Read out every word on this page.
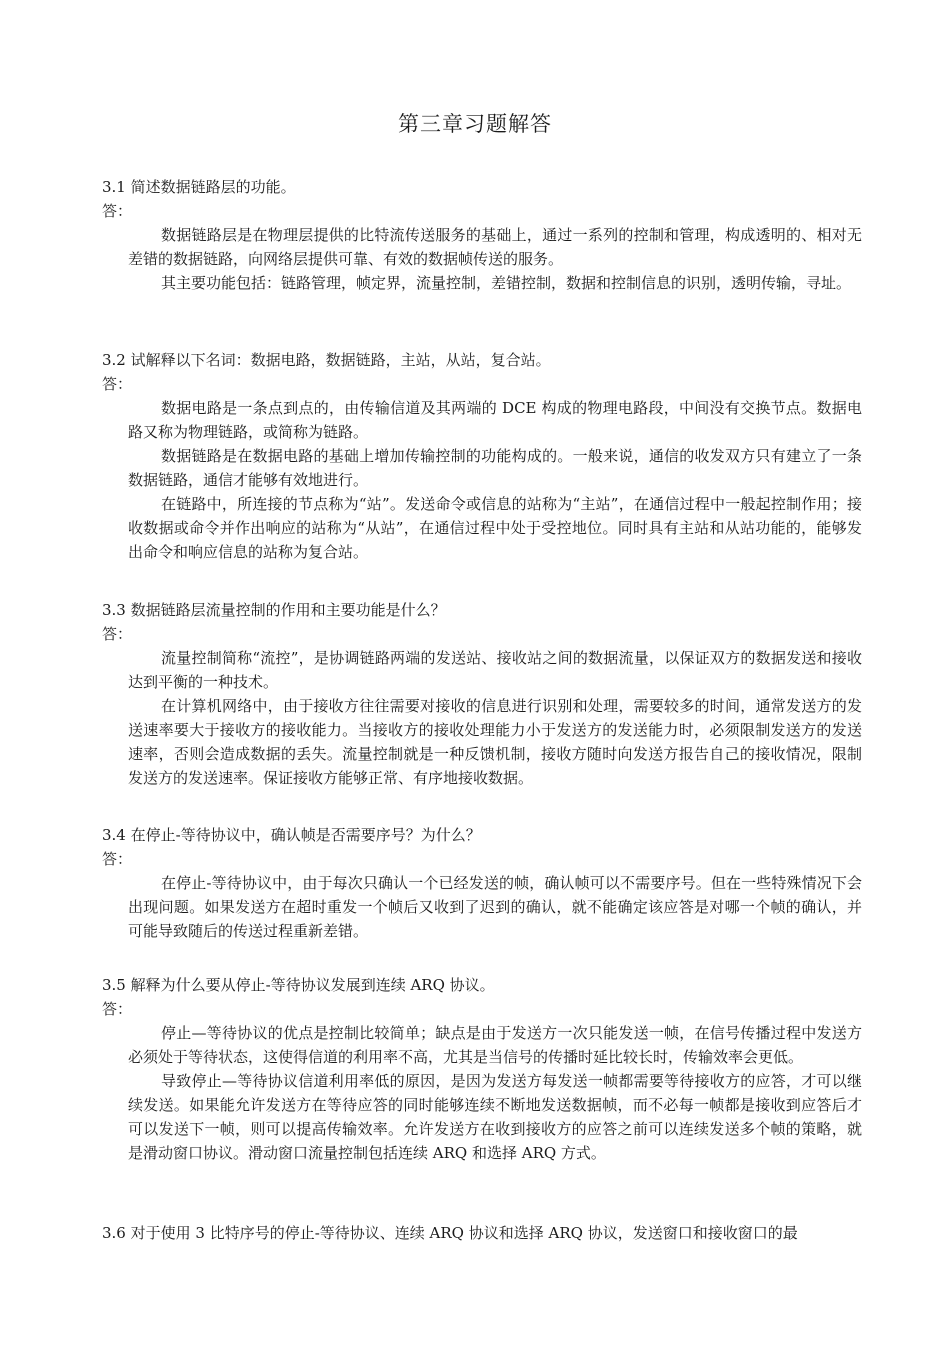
第三章习题解答
3.1 简述数据链路层的功能。
答：

数据链路层是在物理层提供的比特流传送服务的基础上，通过一系列的控制和管理，构成透明的、相对无差错的数据链路，向网络层提供可靠、有效的数据帧传送的服务。

其主要功能包括：链路管理，帧定界，流量控制，差错控制，数据和控制信息的识别，透明传输，寻址。

3.2 试解释以下名词：数据电路，数据链路，主站，从站，复合站。
答：

数据电路是一条点到点的，由传输信道及其两端的 DCE 构成的物理电路段，中间没有交换节点。数据电路又称为物理链路，或简称为链路。

数据链路是在数据电路的基础上增加传输控制的功能构成的。一般来说，通信的收发双方只有建立了一条数据链路，通信才能够有效地进行。

在链路中，所连接的节点称为“站”。发送命令或信息的站称为“主站”，在通信过程中一般起控制作用；接收数据或命令并作出响应的站称为“从站”，在通信过程中处于受控地位。同时具有主站和从站功能的，能够发出命令和响应信息的站称为复合站。

3.3 数据链路层流量控制的作用和主要功能是什么？
答：

流量控制简称“流控”，是协调链路两端的发送站、接收站之间的数据流量，以保证双方的数据发送和接收达到平衡的一种技术。

在计算机网络中，由于接收方往往需要对接收的信息进行识别和处理，需要较多的时间，通常发送方的发送速率要大于接收方的接收能力。当接收方的接收处理能力小于发送方的发送能力时，必须限制发送方的发送速率，否则会造成数据的丢失。流量控制就是一种反馈机制，接收方随时向发送方报告自己的接收情况，限制发送方的发送速率。保证接收方能够正常、有序地接收数据。

3.4 在停止-等待协议中，确认帧是否需要序号？为什么？
答：

在停止-等待协议中，由于每次只确认一个已经发送的帧，确认帧可以不需要序号。但在一些特殊情况下会出现问题。如果发送方在超时重发一个帧后又收到了迟到的确认，就不能确定该应答是对哪一个帧的确认，并可能导致随后的传送过程重新差错。

3.5 解释为什么要从停止-等待协议发展到连续 ARQ 协议。
答：

停止—等待协议的优点是控制比较简单；缺点是由于发送方一次只能发送一帧，在信号传播过程中发送方必须处于等待状态，这使得信道的利用率不高，尤其是当信号的传播时延比较长时，传输效率会更低。

导致停止—等待协议信道利用率低的原因，是因为发送方每发送一帧都需要等待接收方的应答，才可以继续发送。如果能允许发送方在等待应答的同时能够连续不断地发送数据帧，而不必每一帧都是接收到应答后才可以发送下一帧，则可以提高传输效率。允许发送方在收到接收方的应答之前可以连续发送多个帧的策略，就是滑动窗口协议。滑动窗口流量控制包括连续 ARQ 和选择 ARQ 方式。

3.6 对于使用 3 比特序号的停止-等待协议、连续 ARQ 协议和选择 ARQ 协议，发送窗口和接收窗口的最
